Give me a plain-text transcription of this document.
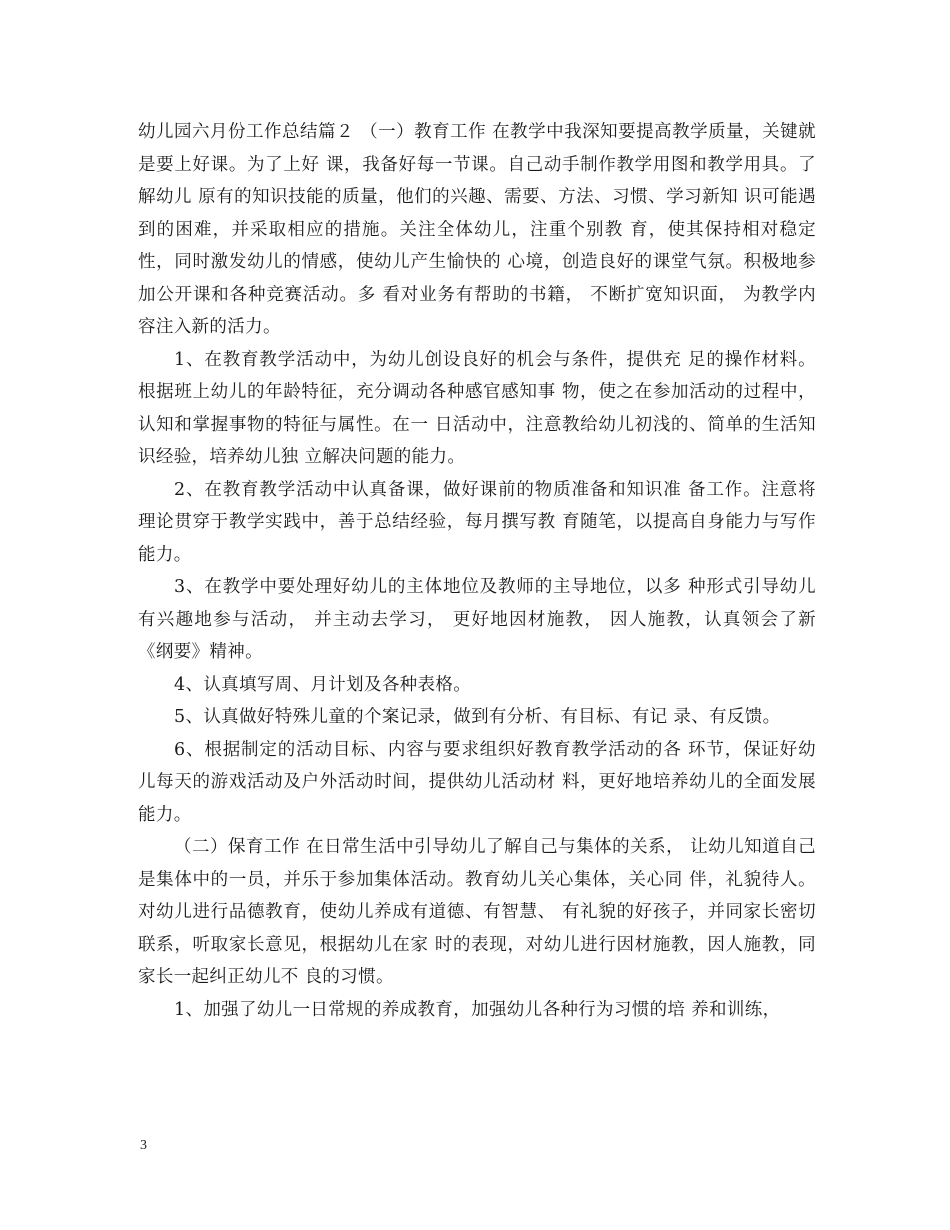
幼儿园六月份工作总结篇２ （一）教育工作 在教学中我深知要提高教学质量，关键就是要上好课。为了上好 课，我备好每一节课。自己动手制作教学用图和教学用具。了解幼儿 原有的知识技能的质量，他们的兴趣、需要、方法、习惯、学习新知 识可能遇到的困难，并采取相应的措施。关注全体幼儿，注重个别教 育，使其保持相对稳定性，同时激发幼儿的情感，使幼儿产生愉快的 心境，创造良好的课堂气氛。积极地参加公开课和各种竞赛活动。多 看对业务有帮助的书籍， 不断扩宽知识面， 为教学内容注入新的活力。

1、在教育教学活动中，为幼儿创设良好的机会与条件，提供充 足的操作材料。根据班上幼儿的年龄特征，充分调动各种感官感知事 物，使之在参加活动的过程中，认知和掌握事物的特征与属性。在一 日活动中，注意教给幼儿初浅的、简单的生活知识经验，培养幼儿独 立解决问题的能力。

2、在教育教学活动中认真备课，做好课前的物质准备和知识准 备工作。注意将理论贯穿于教学实践中，善于总结经验，每月撰写教 育随笔，以提高自身能力与写作能力。

3、在教学中要处理好幼儿的主体地位及教师的主导地位，以多 种形式引导幼儿有兴趣地参与活动， 并主动去学习， 更好地因材施教， 因人施教，认真领会了新《纲要》精神。

4、认真填写周、月计划及各种表格。

5、认真做好特殊儿童的个案记录，做到有分析、有目标、有记 录、有反馈。

6、根据制定的活动目标、内容与要求组织好教育教学活动的各 环节，保证好幼儿每天的游戏活动及户外活动时间，提供幼儿活动材 料，更好地培养幼儿的全面发展能力。

（二）保育工作 在日常生活中引导幼儿了解自己与集体的关系， 让幼儿知道自己 是集体中的一员，并乐于参加集体活动。教育幼儿关心集体，关心同 伴，礼貌待人。对幼儿进行品德教育，使幼儿养成有道德、有智慧、 有礼貌的好孩子，并同家长密切联系，听取家长意见，根据幼儿在家 时的表现，对幼儿进行因材施教，因人施教，同家长一起纠正幼儿不 良的习惯。

1、加强了幼儿一日常规的养成教育，加强幼儿各种行为习惯的培 养和训练，

3
